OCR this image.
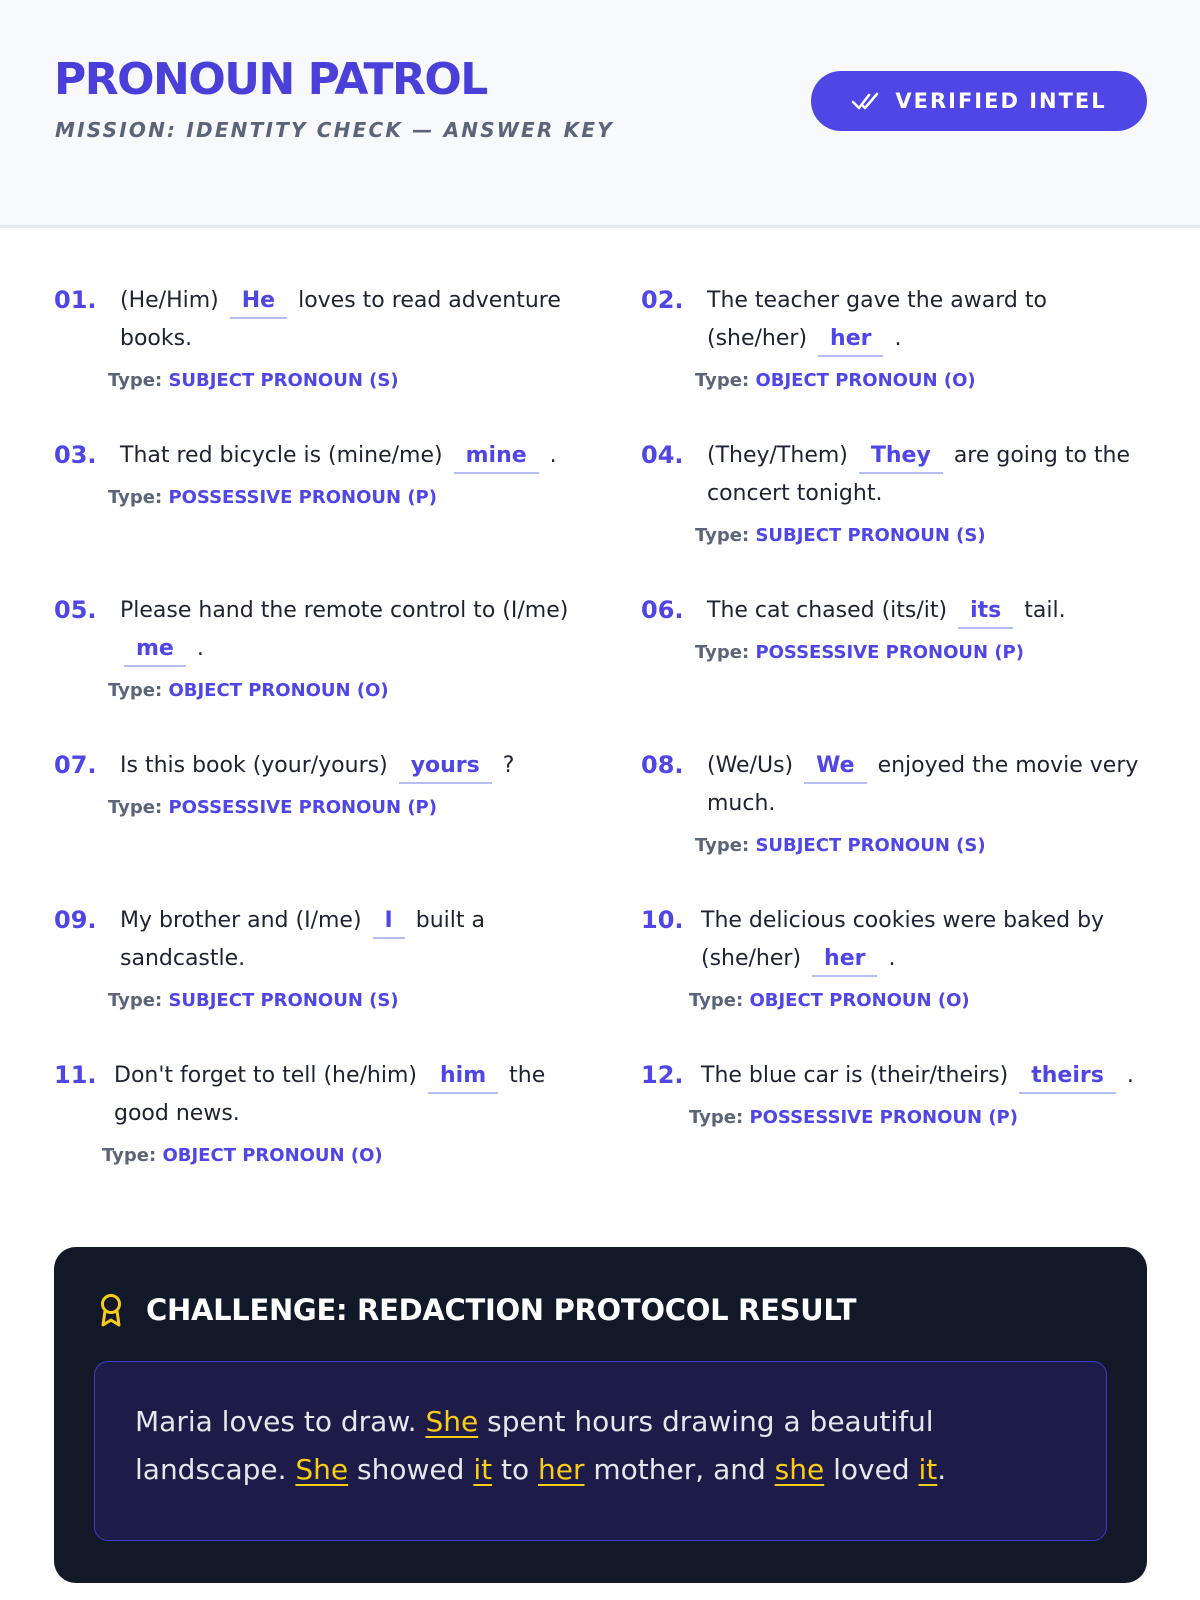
PRONOUN PATROL
MISSION: IDENTITY CHECK — ANSWER KEY
VERIFIED INTEL
01.	(He/Him) He loves to read adventure books.
Type: SUBJECT PRONOUN (S)
02.	The teacher gave the award to (she/her) her .
Type: OBJECT PRONOUN (O)
03.	That red bicycle is (mine/me) mine .
Type: POSSESSIVE PRONOUN (P)
04.	(They/Them) They are going to the concert tonight.
Type: SUBJECT PRONOUN (S)
05.	Please hand the remote control to (I/me) me .
Type: OBJECT PRONOUN (O)
06.	The cat chased (its/it) its tail.
Type: POSSESSIVE PRONOUN (P)
07.	Is this book (your/yours) yours ?
Type: POSSESSIVE PRONOUN (P)
08.	(We/Us) We enjoyed the movie very much.
Type: SUBJECT PRONOUN (S)
09.	My brother and (I/me) I built a sandcastle.
Type: SUBJECT PRONOUN (S)
10. The delicious cookies were baked by (she/her) her .
Type: OBJECT PRONOUN (O)
11. Don't forget to tell (he/him) him the good news.
Type: OBJECT PRONOUN (O)
12. The blue car is (their/theirs) theirs .
Type: POSSESSIVE PRONOUN (P)
CHALLENGE: REDACTION PROTOCOL RESULT
Maria loves to draw. She spent hours drawing a beautiful landscape. She showed it to her mother, and she loved it.
